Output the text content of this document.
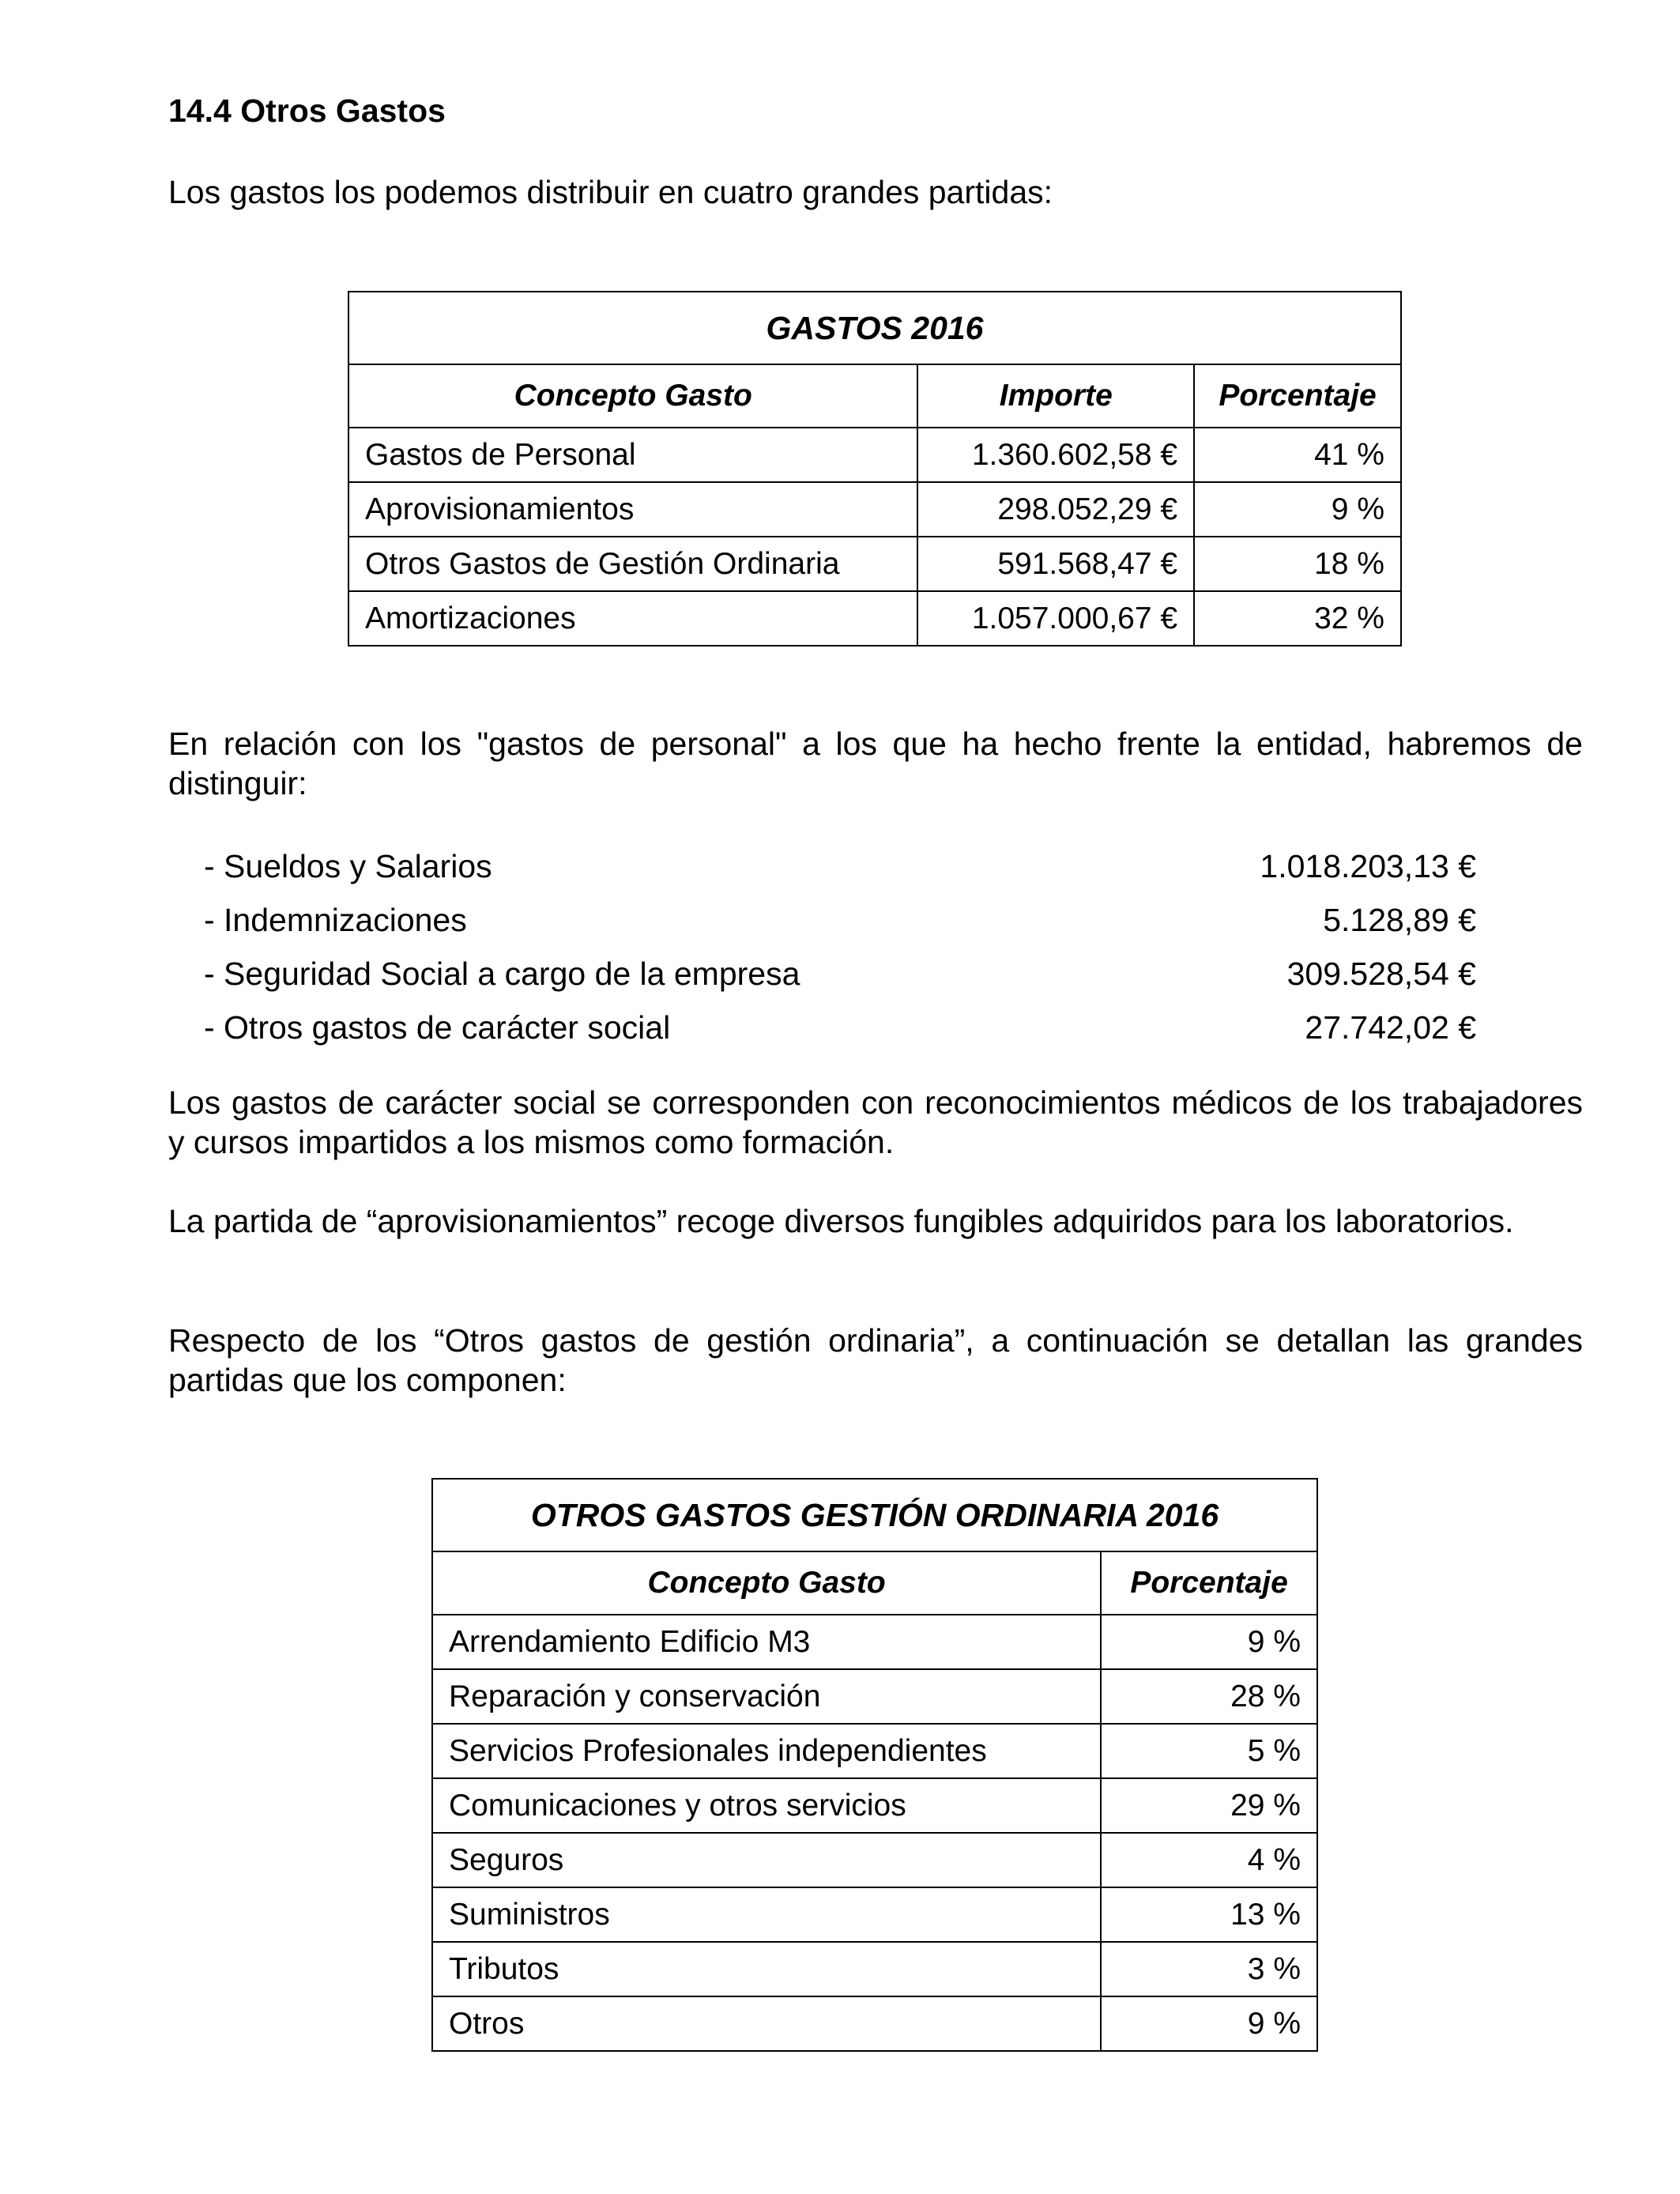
14.4 Otros Gastos

Los gastos los podemos distribuir en cuatro grandes partidas:

GASTOS 2016		
Concepto Gasto	Importe	Porcentaje
Gastos de Personal	1.360.602,58 €	41 %
Aprovisionamientos	298.052,29 €	9 %
Otros Gastos de Gestión Ordinaria	591.568,47 €	18 %
Amortizaciones	1.057.000,67 €	32 %

En relación con los "gastos de personal" a los que ha hecho frente la entidad, habremos de distinguir:

- Sueldos y Salarios	1.018.203,13 €
- Indemnizaciones	5.128,89 €
- Seguridad Social a cargo de la empresa	309.528,54 €
- Otros gastos de carácter social	27.742,02 €

Los gastos de carácter social se corresponden con reconocimientos médicos de los trabajadores y cursos impartidos a los mismos como formación.

La partida de “aprovisionamientos” recoge diversos fungibles adquiridos para los laboratorios.

Respecto de los “Otros gastos de gestión ordinaria”, a continuación se detallan las grandes partidas que los componen:

OTROS GASTOS GESTIÓN ORDINARIA 2016	
Concepto Gasto	Porcentaje
Arrendamiento Edificio M3	9 %
Reparación y conservación	28 %
Servicios Profesionales independientes	5 %
Comunicaciones y otros servicios	29 %
Seguros	4 %
Suministros	13 %
Tributos	3 %
Otros	9 %
